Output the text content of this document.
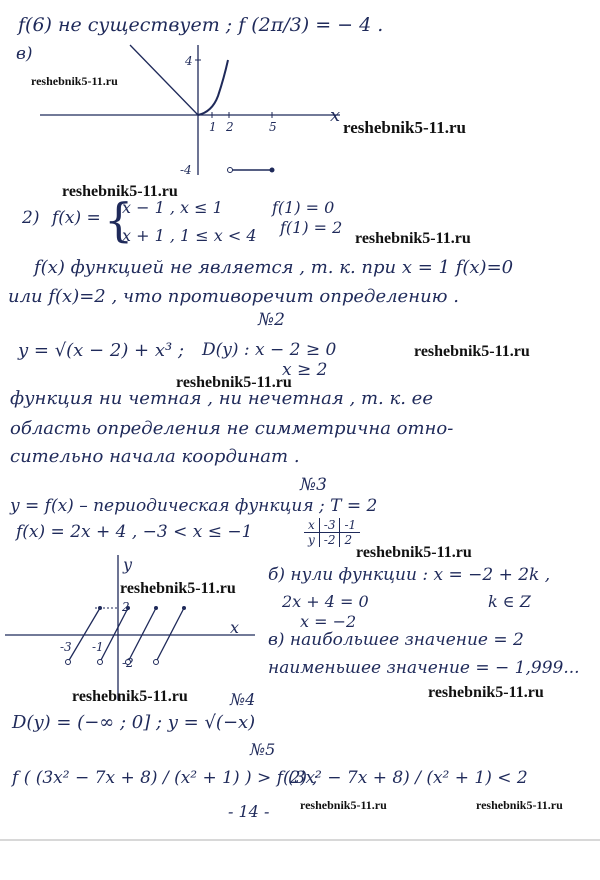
f(6) не существует ; f (2π/3) = − 4 .
в)	4
-4
1 2	5
x
2) f(x) = {
x − 1 , x ≤ 1
x + 1 , 1 ≤ x < 4
f(1) = 0
f(1) = 2
f(x) функцией не является , т. к. при x = 1 f(x)=0
или f(x)=2 , что противоречит определению .
№2
y = √(x − 2) + x³ ; D(y) : x − 2 ≥ 0
x ≥ 2
функция ни четная , ни нечетная , т. к. ее
область определения не симметрична отно-
сительно начала координат .
№3
y = f(x) – периодическая функция ; T = 2
f(x) = 2x + 4 , −3 < x ≤ −1	x	-3	-1
y	-2	2
y
x
2
-3 -1
-2
б) нули функции : x = −2 + 2k ,
2x + 4 = 0	k ∈ Z
x = −2
в) наибольшее значение = 2
наименьшее значение = − 1,999...
№4
D(y) = (−∞ ; 0] ; y = √(−x)
№5
f ( (3x² − 7x + 8) / (x² + 1) ) > f(2) ;
(3x² − 7x + 8) / (x² + 1) < 2
- 14 -
reshebnik5-11.ru
reshebnik5-11.ru
reshebnik5-11.ru
reshebnik5-11.ru
reshebnik5-11.ru
reshebnik5-11.ru
reshebnik5-11.ru
reshebnik5-11.ru
reshebnik5-11.ru	reshebnik5-11.ru
reshebnik5-11.ru	reshebnik5-11.ru
